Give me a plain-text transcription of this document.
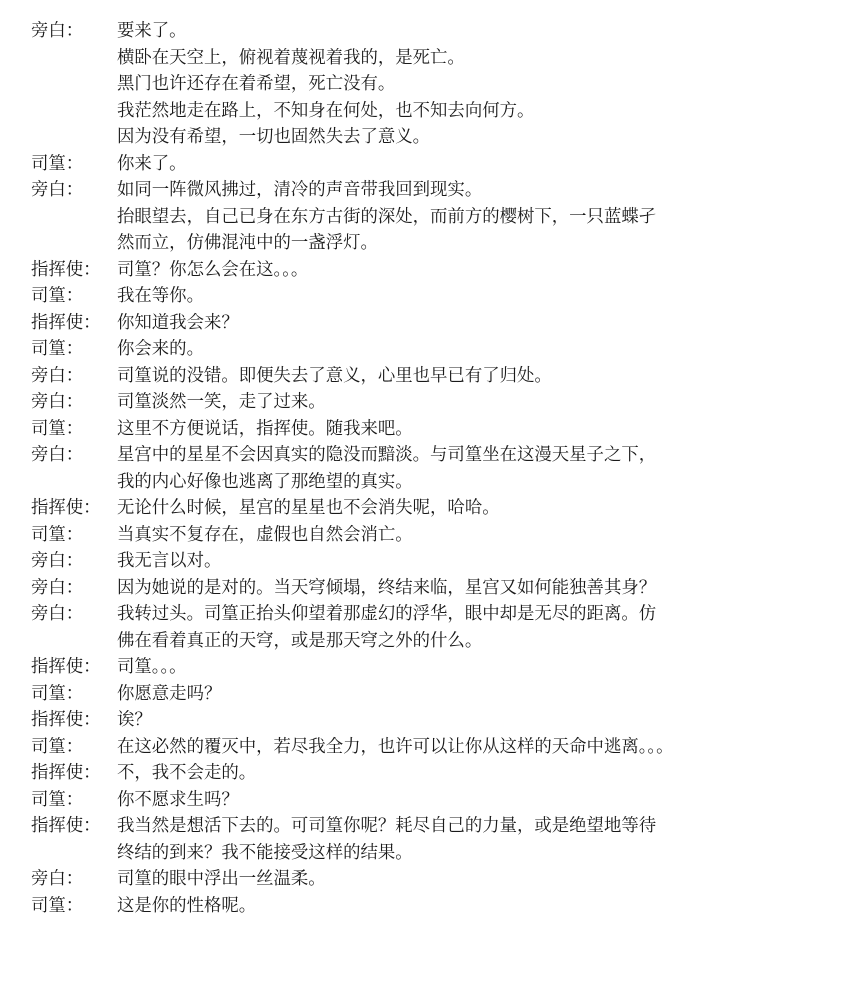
旁白：	要来了。
横卧在天空上，俯视着蔑视着我的，是死亡。
黑门也许还存在着希望，死亡没有。
我茫然地走在路上，不知身在何处，也不知去向何方。
因为没有希望，一切也固然失去了意义。
司篁：	你来了。
旁白：	如同一阵微风拂过，清冷的声音带我回到现实。
抬眼望去，自己已身在东方古街的深处，而前方的樱树下，一只蓝蝶孑
然而立，仿佛混沌中的一盏浮灯。
指挥使： 司篁？你怎么会在这。。。
司篁：	我在等你。
指挥使： 你知道我会来？
司篁：	你会来的。
旁白：	司篁说的没错。即便失去了意义，心里也早已有了归处。
旁白：	司篁淡然一笑，走了过来。
司篁：	这里不方便说话，指挥使。随我来吧。
旁白：	星宫中的星星不会因真实的隐没而黯淡。与司篁坐在这漫天星子之下，
我的内心好像也逃离了那绝望的真实。
指挥使： 无论什么时候，星宫的星星也不会消失呢，哈哈。
司篁：	当真实不复存在，虚假也自然会消亡。
旁白：	我无言以对。
旁白：	因为她说的是对的。当天穹倾塌，终结来临，星宫又如何能独善其身？
旁白：	我转过头。司篁正抬头仰望着那虚幻的浮华，眼中却是无尽的距离。仿
佛在看着真正的天穹，或是那天穹之外的什么。
指挥使： 司篁。。。
司篁：	你愿意走吗？
指挥使： 诶？
司篁：	在这必然的覆灭中，若尽我全力，也许可以让你从这样的天命中逃离。。。
指挥使： 不，我不会走的。
司篁：	你不愿求生吗？
指挥使： 我当然是想活下去的。可司篁你呢？耗尽自己的力量，或是绝望地等待
终结的到来？我不能接受这样的结果。
旁白：	司篁的眼中浮出一丝温柔。
司篁：	这是你的性格呢。
